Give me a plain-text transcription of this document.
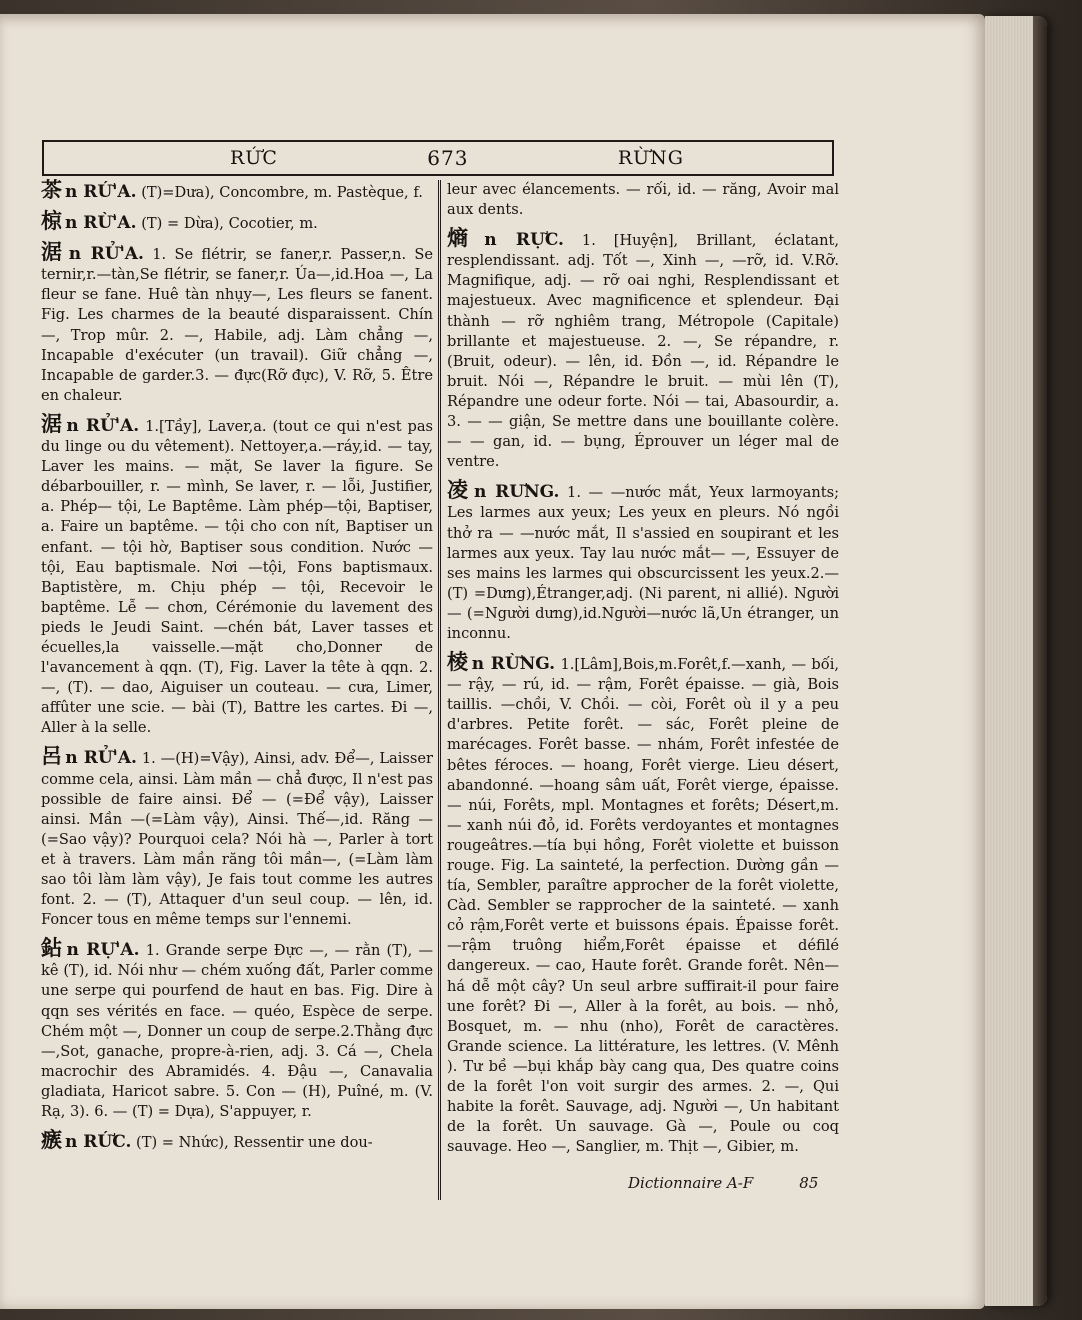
RỨC	673	RỪNG

茶 n RỨ'A. (T)=Dưa), Concombre, m. Pastèque, f.

椋 n RỪ'A. (T) = Dừa), Cocotier, m.

涺 n RỬ'A. 1. Se flétrir, se faner,r. Passer,n. Se ternir,r.—tàn,Se flétrir, se faner,r. Úa—,id.Hoa —, La fleur se fane. Huê tàn nhụy—, Les fleurs se fanent. Fig. Les charmes de la beauté disparaissent. Chín —, Trop mûr. 2. —, Habile, adj. Làm chẳng —, Incapable d'exécuter (un travail). Giữ chẳng —, Incapable de garder.3. — đực(Rỡ đực), V. Rỡ, 5. Être en chaleur.

涺 n RỬ'A. 1.[Tầy], Laver,a. (tout ce qui n'est pas du linge ou du vêtement). Nettoyer,a.—ráy,id. — tay, Laver les mains. — mặt, Se laver la figure. Se débarbouiller, r. — mình, Se laver, r. — lỗi, Justifier, a. Phép— tội, Le Baptême. Làm phép—tội, Baptiser, a. Faire un baptême. — tội cho con nít, Baptiser un enfant. — tội hờ, Baptiser sous condition. Nước — tội, Eau baptismale. Nơi —tội, Fons baptismaux. Baptistère, m. Chịu phép — tội, Recevoir le baptême. Lễ — chơn, Cérémonie du lavement des pieds le Jeudi Saint. —chén bát, Laver tasses et écuelles,la vaisselle.—mặt cho,Donner de l'avancement à qqn. (T), Fig. Laver la tête à qqn. 2. —, (T). — dao, Aiguiser un couteau. — cưa, Limer, affûter une scie. — bài (T), Battre les cartes. Đi —, Aller à la selle.

呂 n RỬ'A. 1. —(H)=Vậy), Ainsi, adv. Để—, Laisser comme cela, ainsi. Làm mần — chẳ được, Il n'est pas possible de faire ainsi. Để — (=Để vậy), Laisser ainsi. Mần —(=Làm vậy), Ainsi. Thế—,id. Răng —(=Sao vậy)? Pourquoi cela? Nói hà —, Parler à tort et à travers. Làm mần răng tôi mần—, (=Làm làm sao tôi làm làm vậy), Je fais tout comme les autres font. 2. — (T), Attaquer d'un seul coup. — lên, id. Foncer tous en même temps sur l'ennemi.

鉆 n RỰ'A. 1. Grande serpe Đực —, — rằn (T), — kê (T), id. Nói như — chém xuống đất, Parler comme une serpe qui pourfend de haut en bas. Fig. Dire à qqn ses vérités en face. — quéo, Espèce de serpe. Chém một —, Donner un coup de serpe.2.Thằng đực—,Sot, ganache, propre-à-rien, adj. 3. Cá —, Chela macrochir des Abramidés. 4. Đậu —, Canavalia gladiata, Haricot sabre. 5. Con — (H), Puîné, m. (V. Rạ, 3). 6. — (T) = Dựa), S'appuyer, r.

瘯 n RỨC. (T) = Nhức), Ressentir une dou-

leur avec élancements. — rối, id. — răng, Avoir mal aux dents.

熵 n RỰC. 1. [Huyện], Brillant, éclatant, resplendissant. adj. Tốt —, Xinh —, —rỡ, id. V.Rỡ. Magnifique, adj. — rỡ oai nghi, Resplendissant et majestueux. Avec magnificence et splendeur. Đại thành — rỡ nghiêm trang, Métropole (Capitale) brillante et majestueuse. 2. —, Se répandre, r. (Bruit, odeur). — lên, id. Đồn —, id. Répandre le bruit. Nói —, Répandre le bruit. — mùi lên (T), Répandre une odeur forte. Nói — tai, Abasourdir, a. 3. — — giận, Se mettre dans une bouillante colère. — — gan, id. — bụng, Éprouver un léger mal de ventre.

凌 n RƯNG. 1. — —nước mắt, Yeux larmoyants; Les larmes aux yeux; Les yeux en pleurs. Nó ngồi thở ra — —nước mắt, Il s'assied en soupirant et les larmes aux yeux. Tay lau nước mắt— —, Essuyer de ses mains les larmes qui obscurcissent les yeux.2.—(T) =Dưng),Étranger,adj. (Ni parent, ni allié). Người — (=Người dưng),id.Người—nước lã,Un étranger, un inconnu.

棱 n RỪNG. 1.[Lâm],Bois,m.Forêt,f.—xanh, — bối, — rậy, — rú, id. — rậm, Forêt épaisse. — già, Bois taillis. —chồi, V. Chồi. — còi, Forêt où il y a peu d'arbres. Petite forêt. — sác, Forêt pleine de marécages. Forêt basse. — nhám, Forêt infestée de bêtes féroces. — hoang, Forêt vierge. Lieu désert, abandonné. —hoang sâm uất, Forêt vierge, épaisse. — núi, Forêts, mpl. Montagnes et forêts; Désert,m. — xanh núi đỏ, id. Forêts verdoyantes et montagnes rougeâtres.—tía bụi hồng, Forêt violette et buisson rouge. Fig. La sainteté, la perfection. Dường gần — tía, Sembler, paraître approcher de la forêt violette, Càd. Sembler se rapprocher de la sainteté. — xanh cỏ rậm,Forêt verte et buissons épais. Épaisse forêt. —rậm truông hiểm,Forêt épaisse et défilé dangereux. — cao, Haute forêt. Grande forêt. Nên—há dễ một cây? Un seul arbre suffirait-il pour faire une forêt? Đi —, Aller à la forêt, au bois. — nhỏ, Bosquet, m. — nhu (nho), Forêt de caractères. Grande science. La littérature, les lettres. (V. Mênh ). Tư bề —bụi khắp bày cang qua, Des quatre coins de la forêt l'on voit surgir des armes. 2. —, Qui habite la forêt. Sauvage, adj. Người —, Un habitant de la forêt. Un sauvage. Gà —, Poule ou coq sauvage. Heo —, Sanglier, m. Thịt —, Gibier, m.

Dictionnaire A-F	85
